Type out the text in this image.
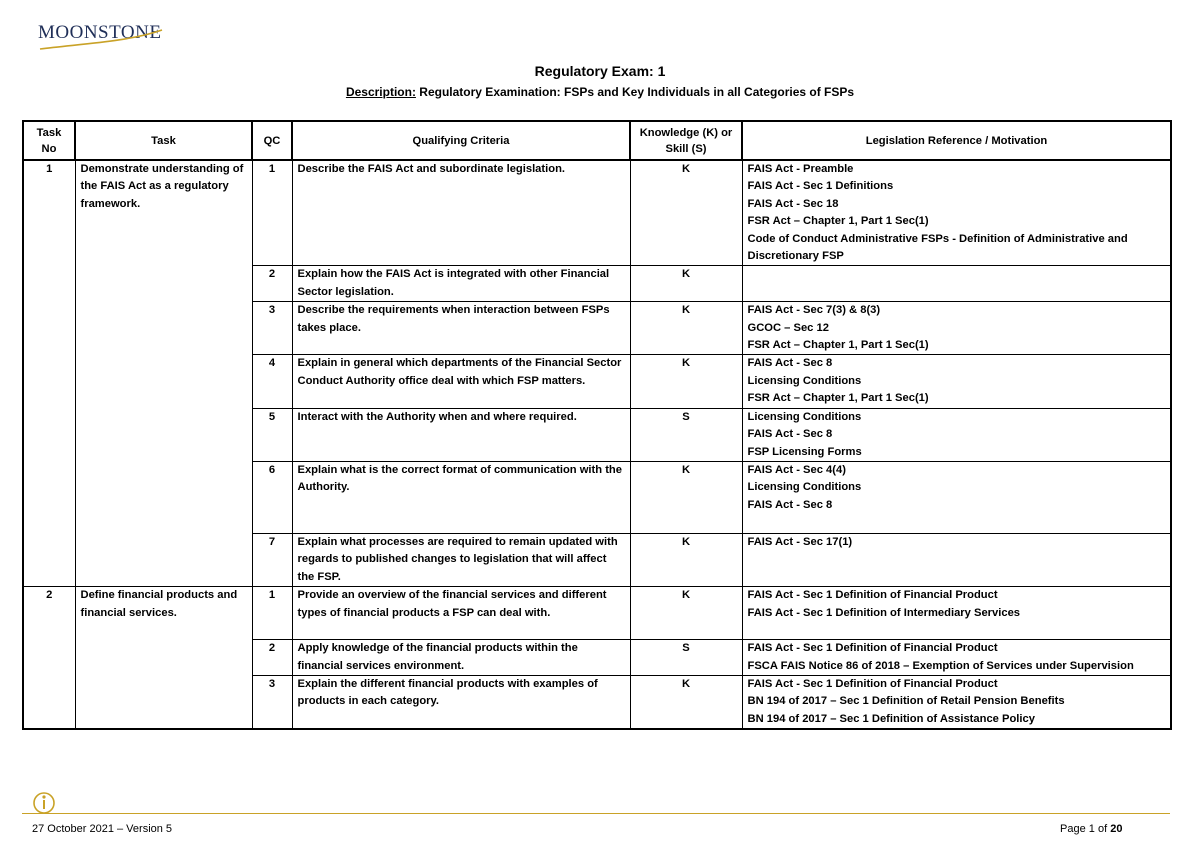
MOONSTONE
Regulatory Exam: 1
Description: Regulatory Examination: FSPs and Key Individuals in all Categories of FSPs
Task No	Task	QC	Qualifying Criteria	Knowledge (K) or Skill (S)	Legislation Reference / Motivation
1	Demonstrate understanding of the FAIS Act as a regulatory framework.	1	Describe the FAIS Act and subordinate legislation.	K	FAIS Act - Preamble
FAIS Act - Sec 1 Definitions
FAIS Act - Sec 18
FSR Act – Chapter 1, Part 1 Sec(1)
Code of Conduct Administrative FSPs - Definition of Administrative and Discretionary FSP

		2	Explain how the FAIS Act is integrated with other Financial Sector legislation.	K	
		3	Describe the requirements when interaction between FSPs takes place.	K	FAIS Act - Sec 7(3) & 8(3)
GCOC – Sec 12
FSR Act – Chapter 1, Part 1 Sec(1)

		4	Explain in general which departments of the Financial Sector Conduct Authority office deal with which FSP matters.	K	FAIS Act - Sec 8
Licensing Conditions
FSR Act – Chapter 1, Part 1 Sec(1)

		5	Interact with the Authority when and where required.	S	Licensing Conditions
FAIS Act - Sec 8
FSP Licensing Forms

		6	Explain what is the correct format of communication with the Authority.	K	FAIS Act - Sec 4(4)
Licensing Conditions
FAIS Act - Sec 8

		7	Explain what processes are required to remain updated with regards to published changes to legislation that will affect the FSP.	K	FAIS Act - Sec 17(1)

2	Define financial products and financial services.	1	Provide an overview of the financial services and different types of financial products a FSP can deal with.	K	FAIS Act - Sec 1 Definition of Financial Product
FAIS Act - Sec 1 Definition of Intermediary Services

		2	Apply knowledge of the financial products within the financial services environment.	S	FAIS Act - Sec 1 Definition of Financial Product
FSCA FAIS Notice 86 of 2018 – Exemption of Services under Supervision

		3	Explain the different financial products with examples of products in each category.	K	FAIS Act - Sec 1 Definition of Financial Product
BN 194 of 2017 – Sec 1 Definition of Retail Pension Benefits
BN 194 of 2017 – Sec 1 Definition of Assistance Policy
27 October 2021 – Version 5	Page 1 of 20
